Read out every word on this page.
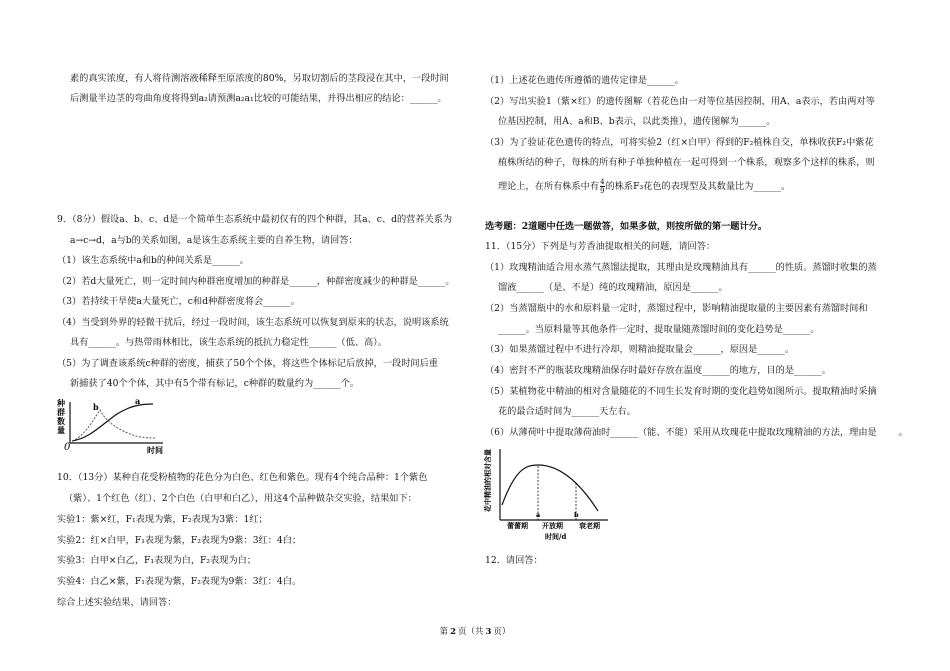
素的真实浓度，有人将待测溶液稀释至原浓度的80%，另取切割后的茎段浸在其中，一段时间
后测量半边茎的弯曲角度将得到a₂请预测a₂a₁比较的可能结果，并得出相应的结论：______。
9．（8分）假设a、b、c、d是一个简单生态系统中最初仅有的四个种群，其a、c、d的营养关系为
a→c→d，a与b的关系如图，a是该生态系统主要的自养生物，请回答：
（1）该生态系统中a和b的种间关系是______。
（2）若d大量死亡，则一定时间内种群密度增加的种群是______，种群密度减少的种群是______。
（3）若持续干旱使a大量死亡，c和d种群密度将会______。
（4）当受到外界的轻微干扰后，经过一段时间，该生态系统可以恢复到原来的状态，说明该系统
具有______。与热带雨林相比，该生态系统的抵抗力稳定性______（低、高）。
（5）为了调查该系统c种群的密度，捕获了50个个体，将这些个体标记后放掉，一段时间后重
新捕获了40个个体，其中有5个带有标记，c种群的数量约为______个。
种
群
数
量
a
b
0	时间
10．（13分）某种自花受粉植物的花色分为白色、红色和紫色。现有4个纯合品种：1个紫色
（紫）、1个红色（红）、2个白色（白甲和白乙），用这4个品种做杂交实验，结果如下：
实验1：紫×红，F₁表现为紫，F₂表现为3紫：1红；
实验2：红×白甲，F₁表现为紫，F₂表现为9紫：3红：4白；
实验3：白甲×白乙，F₁表现为白，F₂表现为白；
实验4：白乙×紫，F₁表现为紫，F₂表现为9紫：3红：4白。
综合上述实验结果，请回答：
（1）上述花色遗传所遵循的遗传定律是______。
（2）写出实验1（紫×红）的遗传图解（若花色由一对等位基因控制，用A、a表示，若由两对等
位基因控制，用A、a和B、b表示，以此类推），遗传图解为______。
（3）为了验证花色遗传的特点，可将实验2（红×白甲）得到的F₂植株自交，单株收获F₂中紫花
植株所结的种子，每株的所有种子单独种植在一起可得到一个株系，观察多个这样的株系，则
理论上，在所有株系中有 $\frac{4}{9}$ 的株系F₃花色的表现型及其数量比为______。
选考题：2道题中任选一题做答，如果多做，则按所做的第一题计分。
11．（15分）下列是与芳香油提取相关的问题，请回答：
（1）玫瑰精油适合用水蒸气蒸馏法提取，其理由是玫瑰精油具有______的性质。蒸馏时收集的蒸
馏液______（是、不是）纯的玫瑰精油，原因是______。
（2）当蒸馏瓶中的水和原料量一定时，蒸馏过程中，影响精油提取量的主要因素有蒸馏时间和
______。当原料量等其他条件一定时，提取量随蒸馏时间的变化趋势是______。
（3）如果蒸馏过程中不进行冷却，则精油提取量会______，原因是______。
（4）密封不严的瓶装玫瑰精油保存时最好存放在温度______的地方，目的是______。
（5）某植物花中精油的相对含量随花的不同生长发育时期的变化趋势如图所示。提取精油时采摘
花的最合适时间为______天左右。
（6）从薄荷叶中提取薄荷油时______（能、不能）采用从玫瑰花中提取玫瑰精油的方法，理由是 。
花中精油的相对含量
a	b
蕾蕾期 开放期 衰老期
时间/d
12．请回答：
第 2 页（共 3 页）
